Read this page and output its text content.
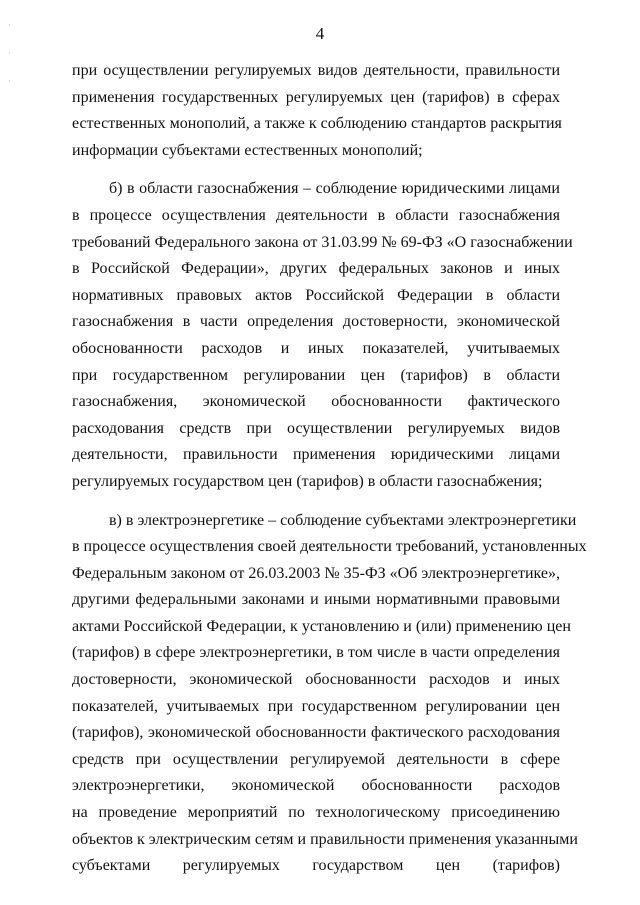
·
·
·
4
при осуществлении регулируемых видов деятельности, правильности
применения государственных регулируемых цен (тарифов) в сферах
естественных монополий, а также к соблюдению стандартов раскрытия
информации субъектами естественных монополий;
б) в области газоснабжения – соблюдение юридическими лицами
в процессе осуществления деятельности в области газоснабжения
требований Федерального закона от 31.03.99 № 69-ФЗ «О газоснабжении
в Российской Федерации», других федеральных законов и иных
нормативных правовых актов Российской Федерации в области
газоснабжения в части определения достоверности, экономической
обоснованности расходов и иных показателей, учитываемых
при государственном регулировании цен (тарифов) в области
газоснабжения, экономической обоснованности фактического
расходования средств при осуществлении регулируемых видов
деятельности, правильности применения юридическими лицами
регулируемых государством цен (тарифов) в области газоснабжения;
в) в электроэнергетике – соблюдение субъектами электроэнергетики
в процессе осуществления своей деятельности требований, установленных
Федеральным законом от 26.03.2003 № 35-ФЗ «Об электроэнергетике»,
другими федеральными законами и иными нормативными правовыми
актами Российской Федерации, к установлению и (или) применению цен
(тарифов) в сфере электроэнергетики, в том числе в части определения
достоверности, экономической обоснованности расходов и иных
показателей, учитываемых при государственном регулировании цен
(тарифов), экономической обоснованности фактического расходования
средств при осуществлении регулируемой деятельности в сфере
электроэнергетики, экономической обоснованности расходов
на проведение мероприятий по технологическому присоединению
объектов к электрическим сетям и правильности применения указанными
субъектами регулируемых государством цен (тарифов)
